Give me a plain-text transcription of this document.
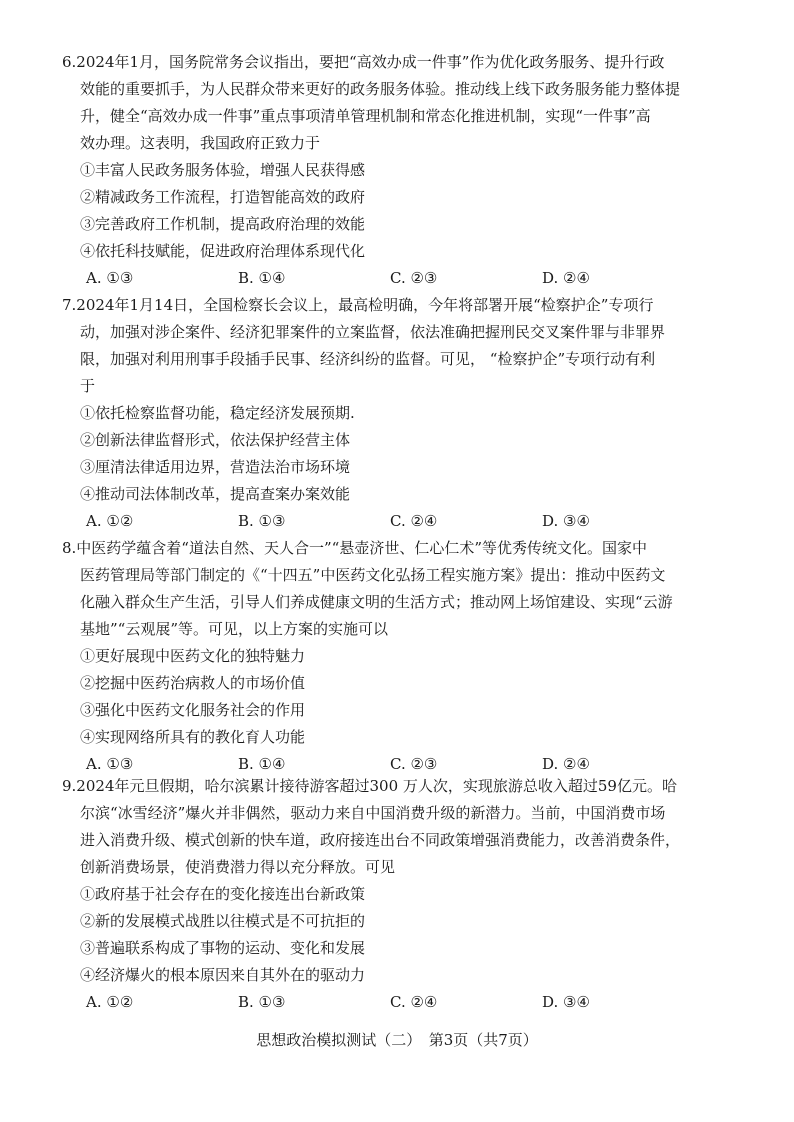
6.2024年1月，国务院常务会议指出，要把“高效办成一件事”作为优化政务服务、提升行政
效能的重要抓手，为人民群众带来更好的政务服务体验。推动线上线下政务服务能力整体提
升，健全“高效办成一件事”重点事项清单管理机制和常态化推进机制，实现“一件事”高
效办理。这表明，我国政府正致力于
①丰富人民政务服务体验，增强人民获得感
②精减政务工作流程，打造智能高效的政府
③完善政府工作机制，提高政府治理的效能
④依托科技赋能，促进政府治理体系现代化
A. ①③	B. ①④	C. ②③	D. ②④
7.2024年1月14日，全国检察长会议上，最高检明确，今年将部署开展“检察护企”专项行
动，加强对涉企案件、经济犯罪案件的立案监督，依法准确把握刑民交叉案件罪与非罪界
限，加强对利用刑事手段插手民事、经济纠纷的监督。可见， “检察护企”专项行动有利
于
①依托检察监督功能，稳定经济发展预期.
②创新法律监督形式，依法保护经营主体
③厘清法律适用边界，营造法治市场环境
④推动司法体制改革，提高查案办案效能
A. ①②	B. ①③	C. ②④	D. ③④
8.中医药学蕴含着“道法自然、天人合一”“悬壶济世、仁心仁术”等优秀传统文化。国家中
医药管理局等部门制定的《“十四五”中医药文化弘扬工程实施方案》提出：推动中医药文
化融入群众生产生活，引导人们养成健康文明的生活方式；推动网上场馆建设、实现“云游
基地”“云观展”等。可见，以上方案的实施可以
①更好展现中医药文化的独特魅力
②挖掘中医药治病救人的市场价值
③强化中医药文化服务社会的作用
④实现网络所具有的教化育人功能
A. ①③	B. ①④	C. ②③	D. ②④
9.2024年元旦假期，哈尔滨累计接待游客超过300 万人次，实现旅游总收入超过59亿元。哈
尔滨“冰雪经济”爆火并非偶然，驱动力来自中国消费升级的新潜力。当前，中国消费市场
进入消费升级、模式创新的快车道，政府接连出台不同政策增强消费能力，改善消费条件，
创新消费场景，使消费潜力得以充分释放。可见
①政府基于社会存在的变化接连出台新政策
②新的发展模式战胜以往模式是不可抗拒的
③普遍联系构成了事物的运动、变化和发展
④经济爆火的根本原因来自其外在的驱动力
A. ①②	B. ①③	C. ②④	D. ③④
思想政治模拟测试（二）　第3页（共7页）
